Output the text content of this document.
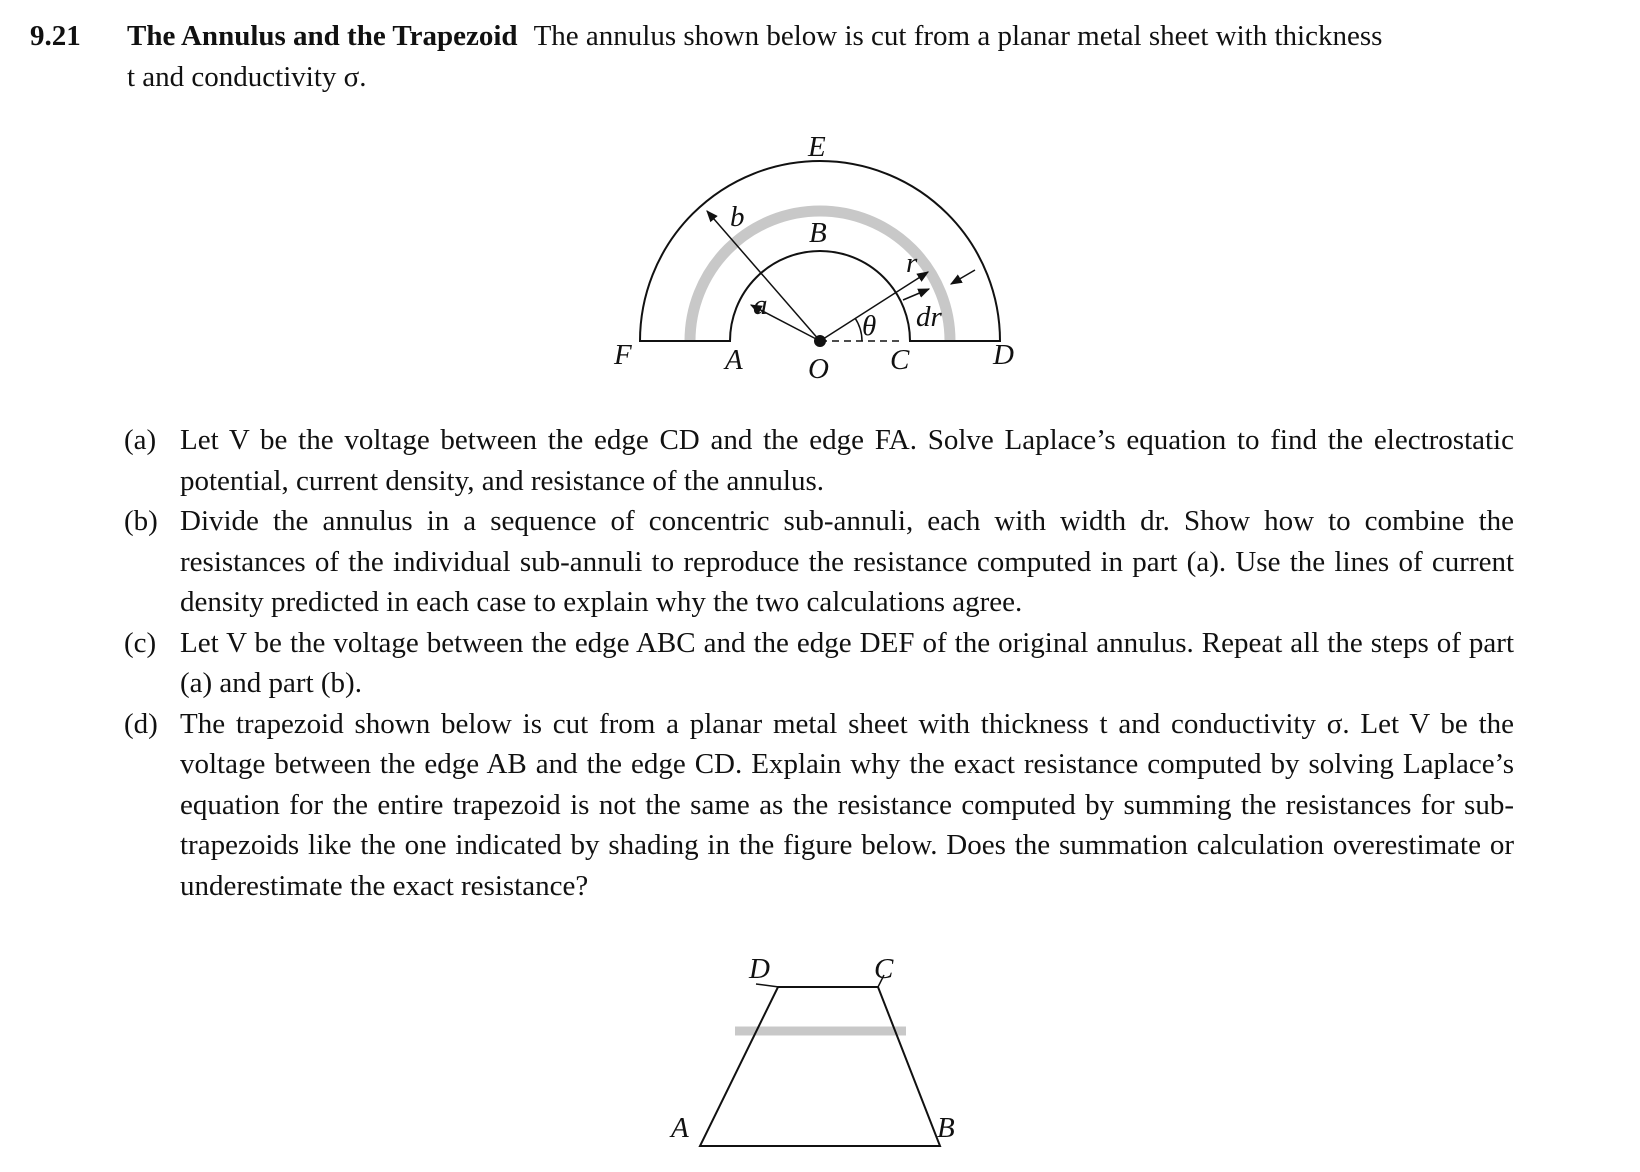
9.21 The Annulus and the Trapezoid The annulus shown below is cut from a planar metal sheet with thickness
t and conductivity σ.
E
B
b
a
r
dr
θ
F	A O C	D
(a) Let V be the voltage between the edge CD and the edge FA. Solve Laplace’s equation to find the electrostatic potential, current density, and resistance of the annulus.
(b) Divide the annulus in a sequence of concentric sub-annuli, each with width dr. Show how to combine the resistances of the individual sub-annuli to reproduce the resistance computed in part (a). Use the lines of current density predicted in each case to explain why the two calculations agree.
(c) Let V be the voltage between the edge ABC and the edge DEF of the original annulus. Repeat all the steps of part (a) and part (b).
(d) The trapezoid shown below is cut from a planar metal sheet with thickness t and conductivity σ. Let V be the voltage between the edge AB and the edge CD. Explain why the exact resistance computed by solving Laplace’s equation for the entire trapezoid is not the same as the resistance computed by summing the resistances for sub-trapezoids like the one indicated by shading in the figure below. Does the summation calculation overestimate or underestimate the exact resistance?
D	C
A	B
